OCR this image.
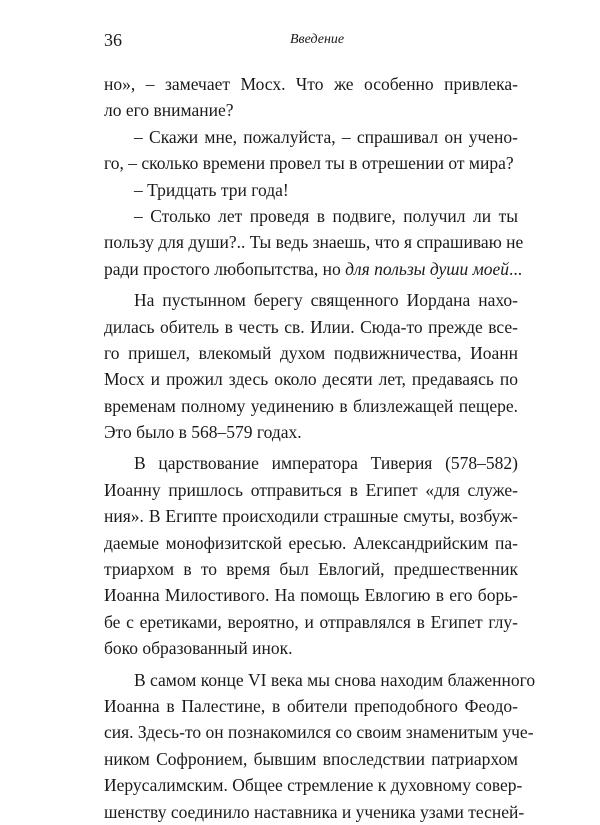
36	Введение
но», – замечает Мосх. Что же особенно привлека-
ло его внимание?
– Скажи мне, пожалуйста, – спрашивал он учено-
го, – сколько времени провел ты в отрешении от мира?
– Тридцать три года!
– Столько лет проведя в подвиге, получил ли ты
пользу для души?.. Ты ведь знаешь, что я спрашиваю не
ради простого любопытства, но для пользы души моей...
На пустынном берегу священного Иордана нахо-
дилась обитель в честь св. Илии. Сюда-то прежде все-
го пришел, влекомый духом подвижничества, Иоанн
Мосх и прожил здесь около десяти лет, предаваясь по
временам полному уединению в близлежащей пещере.
Это было в 568–579 годах.
В царствование императора Тиверия (578–582)
Иоанну пришлось отправиться в Египет «для служе-
ния». В Египте происходили страшные смуты, возбуж-
даемые монофизитской ересью. Александрийским па-
триархом в то время был Евлогий, предшественник
Иоанна Милостивого. На помощь Евлогию в его борь-
бе с еретиками, вероятно, и отправлялся в Египет глу-
боко образованный инок.
В самом конце VI века мы снова находим блаженного
Иоанна в Палестине, в обители преподобного Феодо-
сия. Здесь-то он познакомился со своим знаменитым уче-
ником Софронием, бывшим впоследствии патриархом
Иерусалимским. Общее стремление к духовному совер-
шенству соединило наставника и ученика узами тесней-
